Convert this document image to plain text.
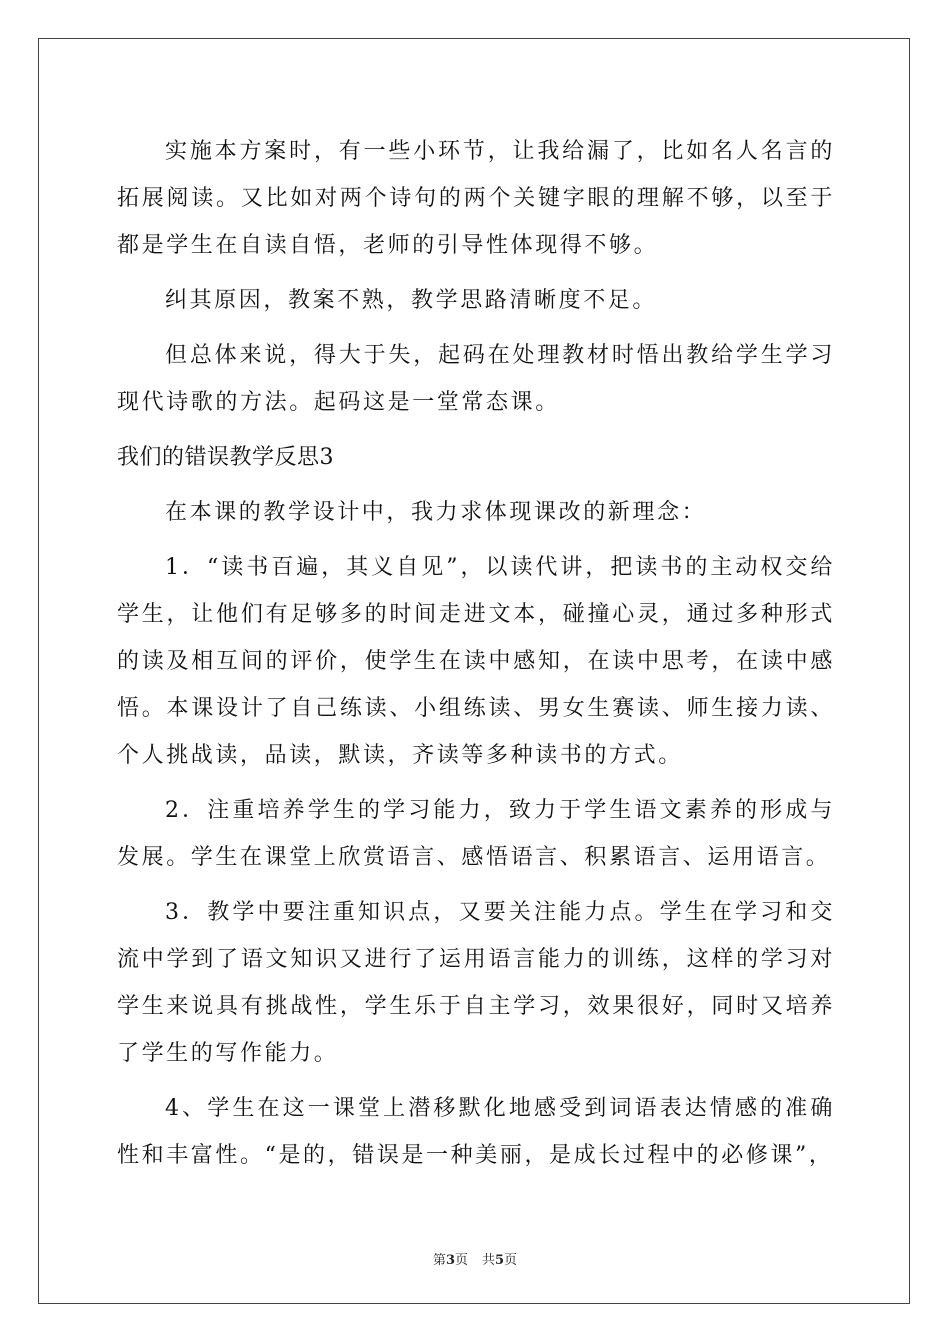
实施本方案时，有一些小环节，让我给漏了，比如名人名言的拓展阅读。又比如对两个诗句的两个关键字眼的理解不够，以至于都是学生在自读自悟，老师的引导性体现得不够。

纠其原因，教案不熟，教学思路清晰度不足。

但总体来说，得大于失，起码在处理教材时悟出教给学生学习现代诗歌的方法。起码这是一堂常态课。

我们的错误教学反思3

在本课的教学设计中，我力求体现课改的新理念：

1．“读书百遍，其义自见”，以读代讲，把读书的主动权交给学生，让他们有足够多的时间走进文本，碰撞心灵，通过多种形式的读及相互间的评价，使学生在读中感知，在读中思考，在读中感悟。本课设计了自己练读、小组练读、男女生赛读、师生接力读、个人挑战读，品读，默读，齐读等多种读书的方式。

2．注重培养学生的学习能力，致力于学生语文素养的形成与发展。学生在课堂上欣赏语言、感悟语言、积累语言、运用语言。

3．教学中要注重知识点，又要关注能力点。学生在学习和交流中学到了语文知识又进行了运用语言能力的训练，这样的学习对学生来说具有挑战性，学生乐于自主学习，效果很好，同时又培养了学生的写作能力。

4、学生在这一课堂上潜移默化地感受到词语表达情感的准确性和丰富性。“是的，错误是一种美丽，是成长过程中的必修课”，

第3页 共5页
